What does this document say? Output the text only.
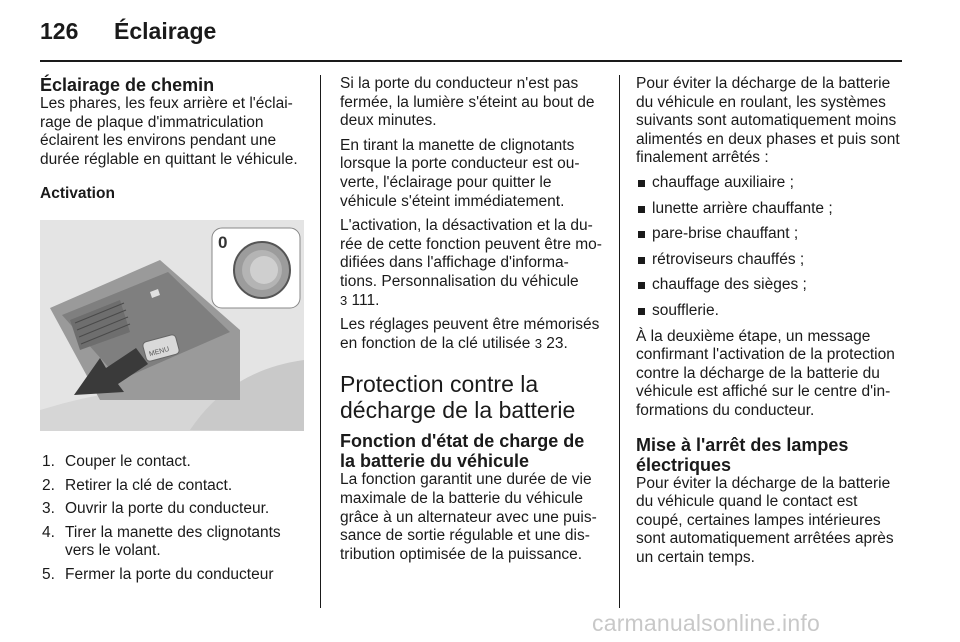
126 Éclairage
Éclairage de chemin
Les phares, les feux arrière et l'éclai-rage de plaque d'immatriculation éclairent les environs pendant une durée réglable en quittant le véhicule.
Activation
MENU
0
1. Couper le contact.
2. Retirer la clé de contact.
3. Ouvrir la porte du conducteur.
4. Tirer la manette des clignotants vers le volant.
5. Fermer la porte du conducteur
Si la porte du conducteur n'est pas fermée, la lumière s'éteint au bout de deux minutes.
En tirant la manette de clignotants lorsque la porte conducteur est ou-verte, l'éclairage pour quitter le véhicule s'éteint immédiatement.
L'activation, la désactivation et la du-rée de cette fonction peuvent être mo-difiées dans l'affichage d'informa-tions. Personnalisation du véhicule
3 111.
Les réglages peuvent être mémorisés en fonction de la clé utilisée 3 23.
Protection contre la décharge de la batterie
Fonction d'état de charge de la batterie du véhicule
La fonction garantit une durée de vie maximale de la batterie du véhicule grâce à un alternateur avec une puis-sance de sortie régulable et une dis-tribution optimisée de la puissance.
Pour éviter la décharge de la batterie du véhicule en roulant, les systèmes suivants sont automatiquement moins alimentés en deux phases et puis sont finalement arrêtés :
chauffage auxiliaire ;
lunette arrière chauffante ;
pare-brise chauffant ;
rétroviseurs chauffés ;
chauffage des sièges ;
soufflerie.
À la deuxième étape, un message confirmant l'activation de la protection contre la décharge de la batterie du véhicule est affiché sur le centre d'in-formations du conducteur.
Mise à l'arrêt des lampes électriques
Pour éviter la décharge de la batterie du véhicule quand le contact est coupé, certaines lampes intérieures sont automatiquement arrêtées après un certain temps.
carmanualsonline.info
